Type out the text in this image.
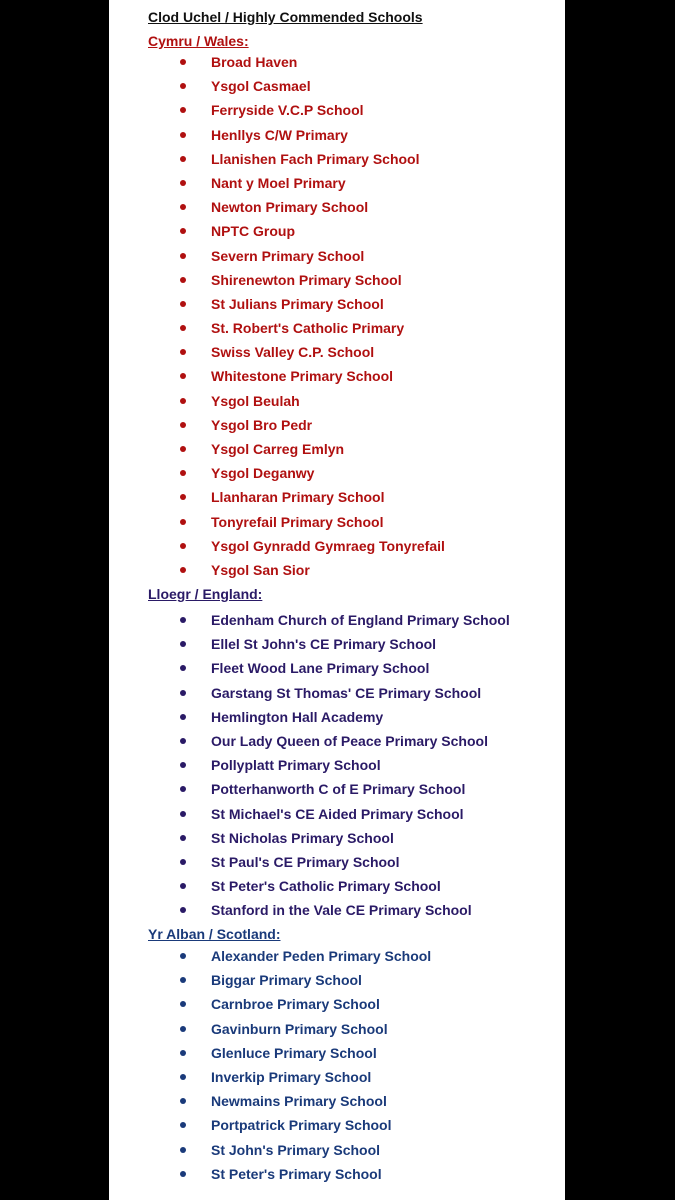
Clod Uchel / Highly Commended Schools
Cymru / Wales:
Broad Haven
Ysgol Casmael
Ferryside V.C.P School
Henllys C/W Primary
Llanishen Fach Primary School
Nant y Moel Primary
Newton Primary School
NPTC Group
Severn Primary School
Shirenewton Primary School
St Julians Primary School
St. Robert's Catholic Primary
Swiss Valley C.P. School
Whitestone Primary School
Ysgol Beulah
Ysgol Bro Pedr
Ysgol Carreg Emlyn
Ysgol Deganwy
Llanharan Primary School
Tonyrefail Primary School
Ysgol Gynradd Gymraeg Tonyrefail
Ysgol San Sior
Lloegr / England:
Edenham Church of England Primary School
Ellel St John's CE Primary School
Fleet Wood Lane Primary School
Garstang St Thomas' CE Primary School
Hemlington Hall Academy
Our Lady Queen of Peace Primary School
Pollyplatt Primary School
Potterhanworth C of E Primary School
St Michael's CE Aided Primary School
St Nicholas Primary School
St Paul's CE Primary School
St Peter's Catholic Primary School
Stanford in the Vale CE Primary School
Yr Alban / Scotland:
Alexander Peden Primary School
Biggar Primary School
Carnbroe Primary School
Gavinburn Primary School
Glenluce Primary School
Inverkip Primary School
Newmains Primary School
Portpatrick Primary School
St John's Primary School
St Peter's Primary School
